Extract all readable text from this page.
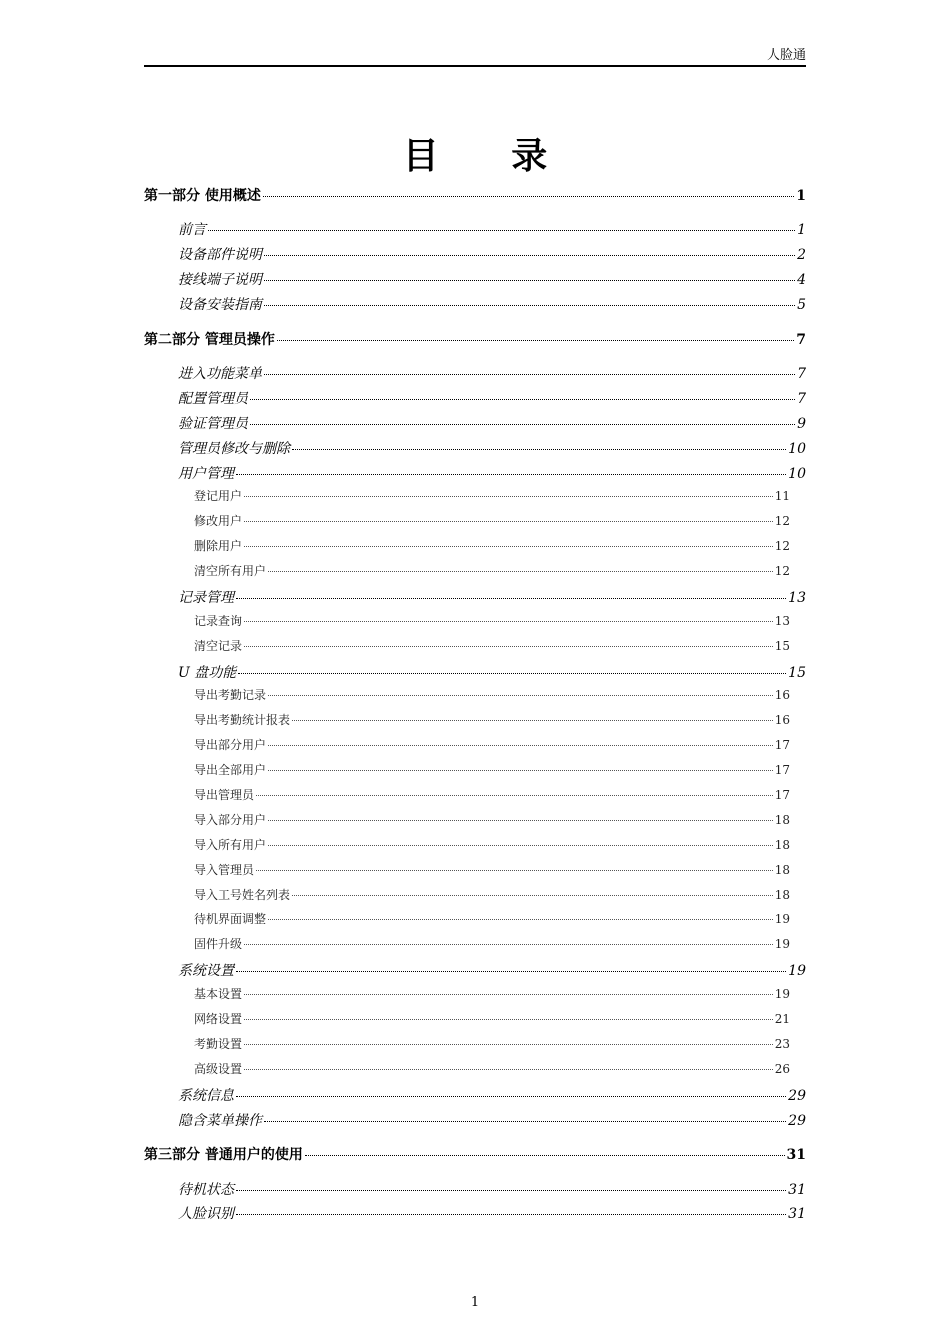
人脸通
目 录
第一部分 使用概述	1
前言	1
设备部件说明	2
接线端子说明	4
设备安装指南	5
第二部分 管理员操作	7
进入功能菜单	7
配置管理员	7
验证管理员	9
管理员修改与删除	10
用户管理	10
登记用户	11
修改用户	12
删除用户	12
清空所有用户	12
记录管理	13
记录查询	13
清空记录	15
U 盘功能	15
导出考勤记录	16
导出考勤统计报表	16
导出部分用户	17
导出全部用户	17
导出管理员	17
导入部分用户	18
导入所有用户	18
导入管理员	18
导入工号姓名列表	18
待机界面调整	19
固件升级	19
系统设置	19
基本设置	19
网络设置	21
考勤设置	23
高级设置	26
系统信息	29
隐含菜单操作	29
第三部分 普通用户的使用	31
待机状态	31
人脸识别	31
1
